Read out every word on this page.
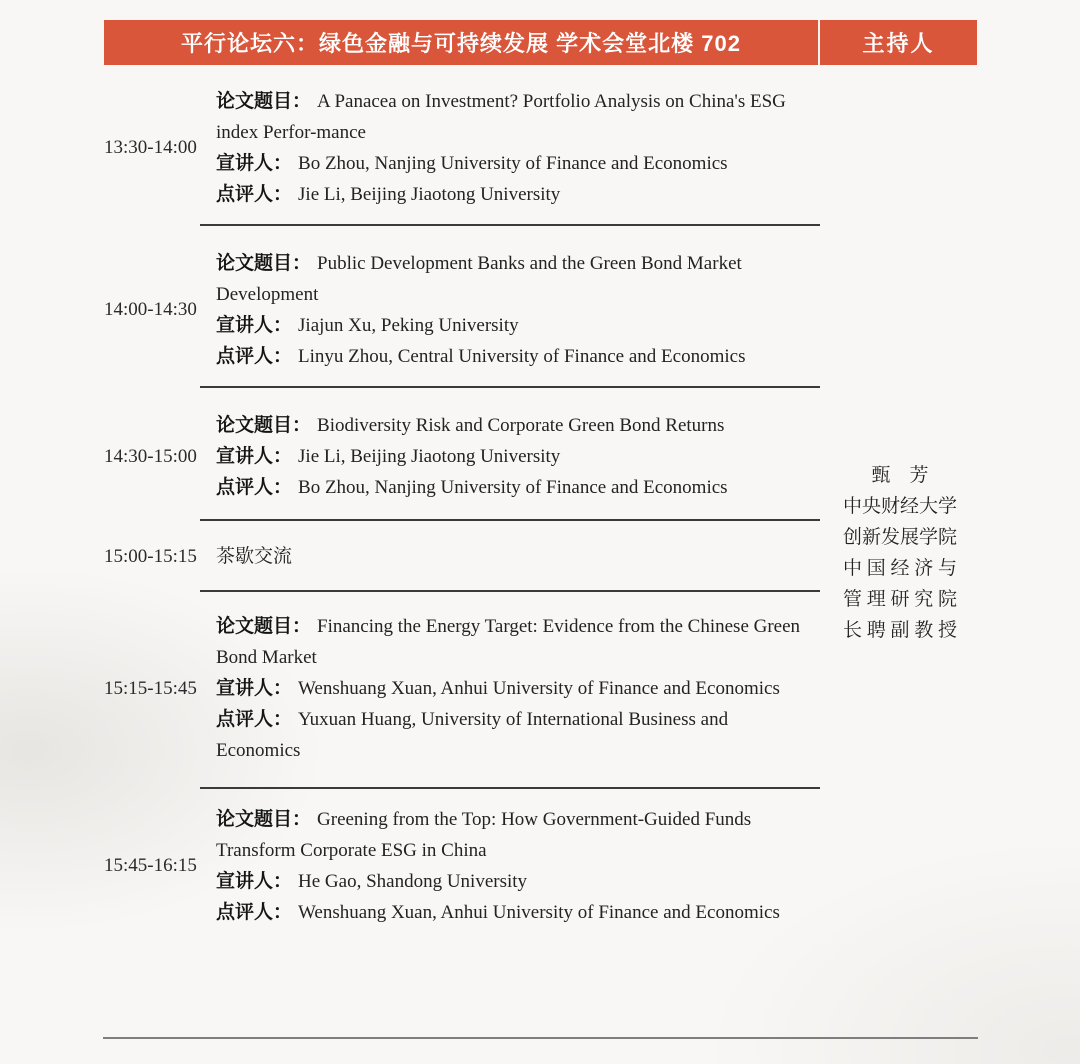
平行论坛六：绿色金融与可持续发展 学术会堂北楼 702	主持人
13:30-14:00

论文题目： A Panacea on Investment? Portfolio Analysis on China's ESG index Perfor-mance

宣讲人： Bo Zhou, Nanjing University of Finance and Economics

点评人： Jie Li, Beijing Jiaotong University

14:00-14:30

论文题目： Public Development Banks and the Green Bond Market Development

宣讲人： Jiajun Xu, Peking University

点评人： Linyu Zhou, Central University of Finance and Economics

14:30-15:00

论文题目： Biodiversity Risk and Corporate Green Bond Returns

宣讲人： Jie Li, Beijing Jiaotong University

点评人： Bo Zhou, Nanjing University of Finance and Economics

15:00-15:15	茶歇交流

15:15-15:45

论文题目： Financing the Energy Target: Evidence from the Chinese Green Bond Market

宣讲人： Wenshuang Xuan, Anhui University of Finance and Economics

点评人： Yuxuan Huang, University of International Business and Economics

15:45-16:15

论文题目： Greening from the Top: How Government-Guided Funds Transform Corporate ESG in China

宣讲人： He Gao, Shandong University

点评人： Wenshuang Xuan, Anhui University of Finance and Economics

甄　芳
中央财经大学
创新发展学院
中国经济与
管理研究院
长聘副教授
